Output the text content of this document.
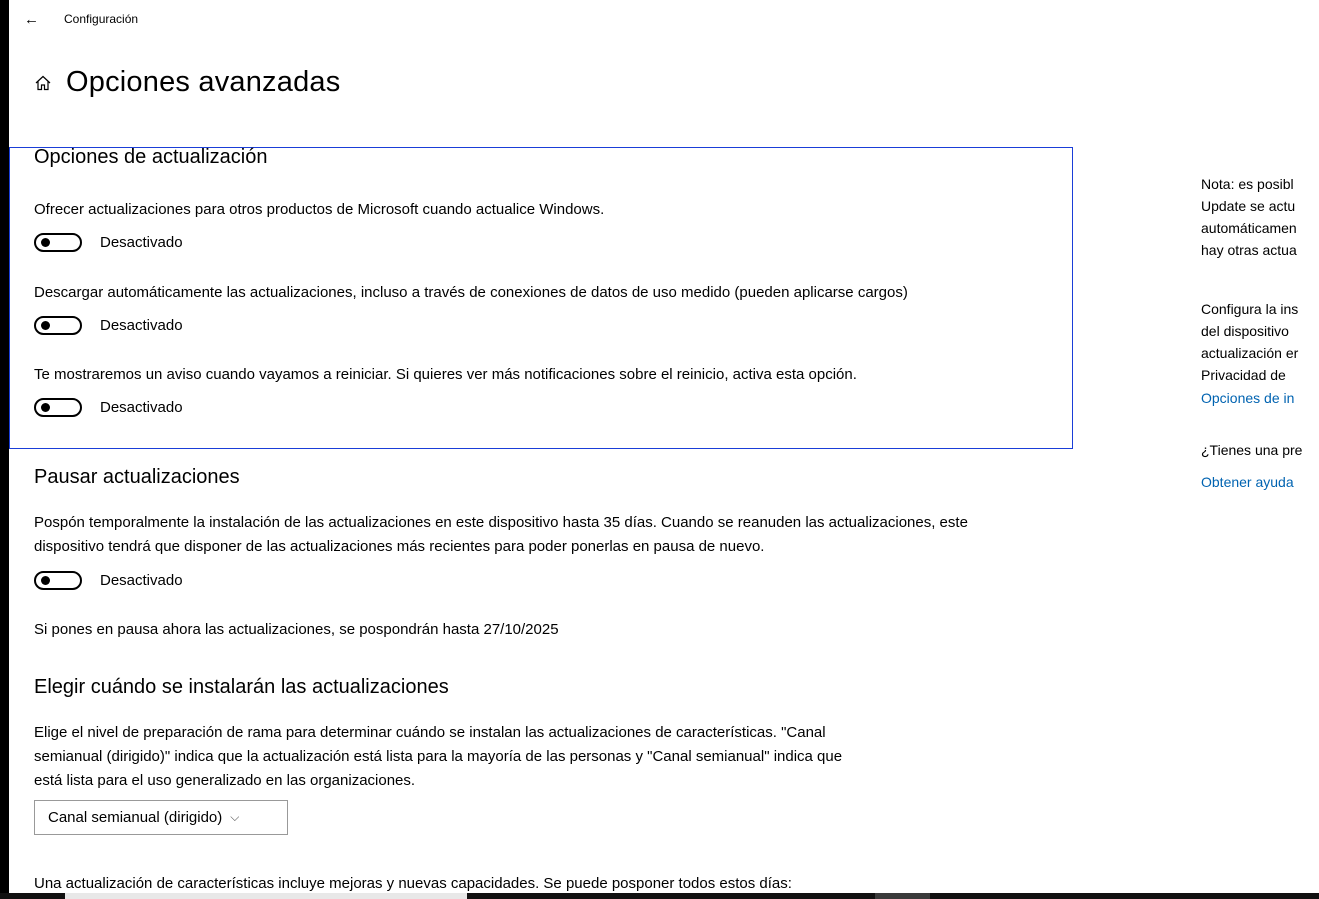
←	Configuración
Opciones avanzadas
Opciones de actualización
Ofrecer actualizaciones para otros productos de Microsoft cuando actualice Windows.
Desactivado
Descargar automáticamente las actualizaciones, incluso a través de conexiones de datos de uso medido (pueden aplicarse cargos)
Desactivado
Te mostraremos un aviso cuando vayamos a reiniciar. Si quieres ver más notificaciones sobre el reinicio, activa esta opción.
Desactivado
Pausar actualizaciones
Pospón temporalmente la instalación de las actualizaciones en este dispositivo hasta 35 días. Cuando se reanuden las actualizaciones, este
dispositivo tendrá que disponer de las actualizaciones más recientes para poder ponerlas en pausa de nuevo.
Desactivado
Si pones en pausa ahora las actualizaciones, se pospondrán hasta 27/10/2025
Elegir cuándo se instalarán las actualizaciones
Elige el nivel de preparación de rama para determinar cuándo se instalan las actualizaciones de características. "Canal
semianual (dirigido)" indica que la actualización está lista para la mayoría de las personas y "Canal semianual" indica que
está lista para el uso generalizado en las organizaciones.
Canal semianual (dirigido) ⌵
Una actualización de características incluye mejoras y nuevas capacidades. Se puede posponer todos estos días:
Nota: es posibl
Update se actu
automáticamen
hay otras actua
Configura la ins
del dispositivo
actualización er
Privacidad de
Opciones de in
¿Tienes una pre
Obtener ayuda
